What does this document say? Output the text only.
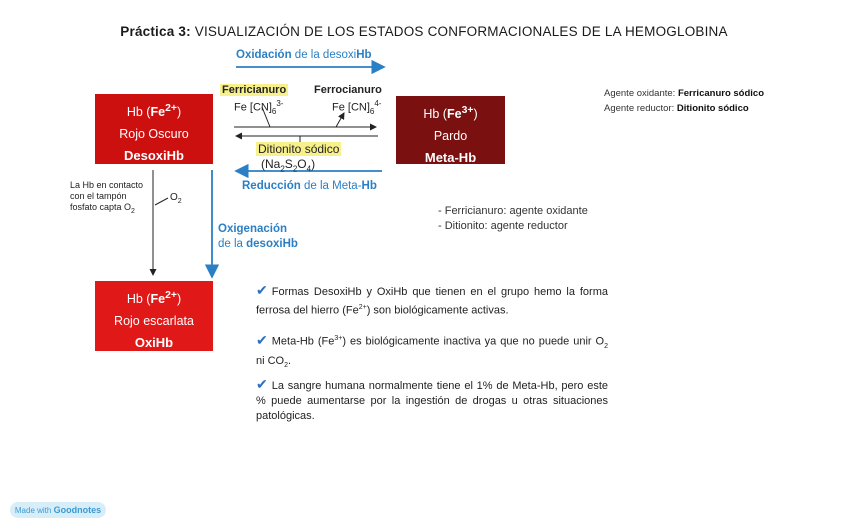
Práctica 3: VISUALIZACIÓN DE LOS ESTADOS CONFORMACIONALES DE LA HEMOGLOBINA
Oxidación de la desoxiHb
Hb $(Fe^{2+})$
Rojo Oscuro
DesoxiHb
Hb $(Fe^{3+})$
Pardo
Meta-Hb
Hb $(Fe^{2+})$
Rojo escarlata
OxiHb
Ferricianuro
Fe $[CN]_6^{3-}$
Ferrocianuro
Fe $[CN]_6^{4-}$
Ditionito sódico
$(Na_2S_2O_4)$
Reducción de la Meta-Hb
La Hb en contacto
con el tampón
fosfato capta $O_2$
$O_2$
Oxigenación
de la desoxiHb
Agente oxidante: Ferricanuro sódico
Agente reductor: Ditionito sódico
- Ferricianuro: agente oxidante
- Ditionito: agente reductor
✔ Formas DesoxiHb y OxiHb que tienen en el grupo hemo la forma ferrosa del hierro $(Fe^{2+})$ son biológicamente activas.
✔ Meta-Hb $(Fe^{3+})$ es biológicamente inactiva ya que no puede unir $O_2$ ni $CO_2$.
✔ La sangre humana normalmente tiene el 1% de Meta-Hb, pero este % puede aumentarse por la ingestión de drogas u otras situaciones patológicas.
Made with Goodnotes
